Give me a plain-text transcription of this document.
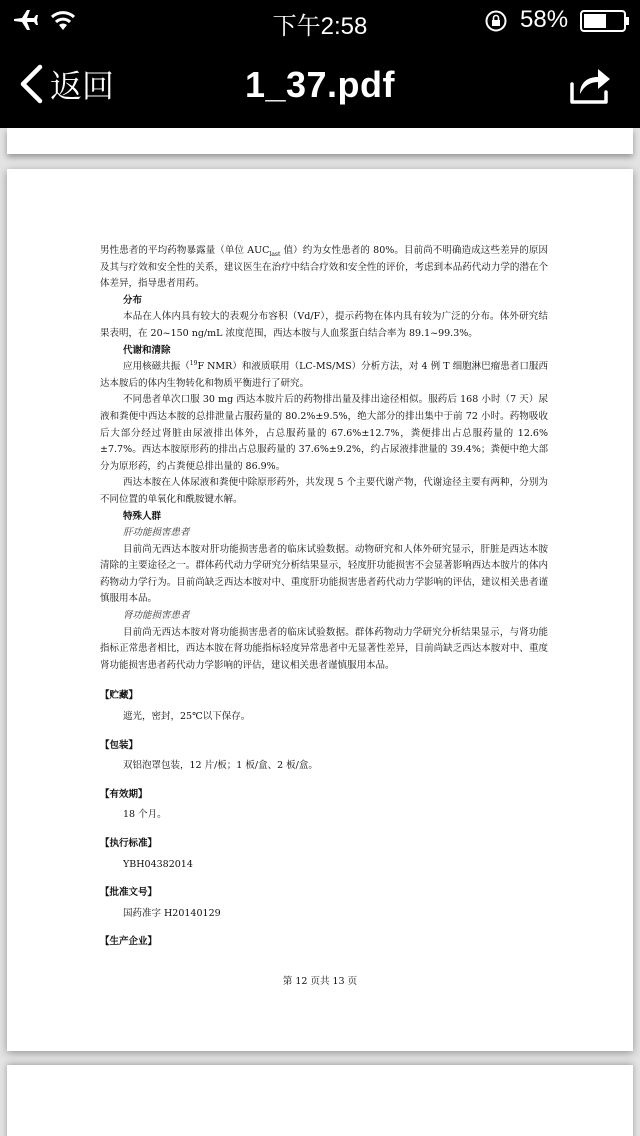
下午2:58	58%
返回	1_37.pdf

男性患者的平均药物暴露量（单位 $AUC_{last}$ 值）约为女性患者的 80%。目前尚不明确造成这些差异的原因及其与疗效和安全性的关系，建议医生在治疗中结合疗效和安全性的评价，考虑到本品药代动力学的潜在个体差异，指导患者用药。

分布

本品在人体内具有较大的表观分布容积（Vd/F），提示药物在体内具有较为广泛的分布。体外研究结果表明，在 20~150 ng/mL 浓度范围，西达本胺与人血浆蛋白结合率为 89.1~99.3%。

代谢和清除

应用核磁共振（$^{19}$F NMR）和液质联用（LC-MS/MS）分析方法，对 4 例 T 细胞淋巴瘤患者口服西达本胺后的体内生物转化和物质平衡进行了研究。

不同患者单次口服 30 mg 西达本胺片后的药物排出量及排出途径相似。服药后 168 小时（7 天）尿液和粪便中西达本胺的总排泄量占服药量的 80.2%±9.5%，绝大部分的排出集中于前 72 小时。药物吸收后大部分经过肾脏由尿液排出体外，占总服药量的 67.6%±12.7%，粪便排出占总服药量的 12.6%±7.7%。西达本胺原形药的排出占总服药量的 37.6%±9.2%，约占尿液排泄量的 39.4%；粪便中绝大部分为原形药，约占粪便总排出量的 86.9%。

西达本胺在人体尿液和粪便中除原形药外，共发现 5 个主要代谢产物，代谢途径主要有两种，分别为不同位置的单氧化和酰胺键水解。

特殊人群

肝功能损害患者

目前尚无西达本胺对肝功能损害患者的临床试验数据。动物研究和人体外研究显示，肝脏是西达本胺清除的主要途径之一。群体药代动力学研究分析结果显示，轻度肝功能损害不会显著影响西达本胺片的体内药物动力学行为。目前尚缺乏西达本胺对中、重度肝功能损害患者药代动力学影响的评估，建议相关患者谨慎服用本品。

肾功能损害患者

目前尚无西达本胺对肾功能损害患者的临床试验数据。群体药物动力学研究分析结果显示，与肾功能指标正常患者相比，西达本胺在肾功能指标轻度异常患者中无显著性差异，目前尚缺乏西达本胺对中、重度肾功能损害患者药代动力学影响的评估，建议相关患者谨慎服用本品。

【贮藏】

遮光，密封，25℃以下保存。

【包装】

双铝泡罩包装，12 片/板；1 板/盒、2 板/盒。

【有效期】

18 个月。

【执行标准】

YBH04382014

【批准文号】

国药准字 H20140129

【生产企业】

第 12 页共 13 页
